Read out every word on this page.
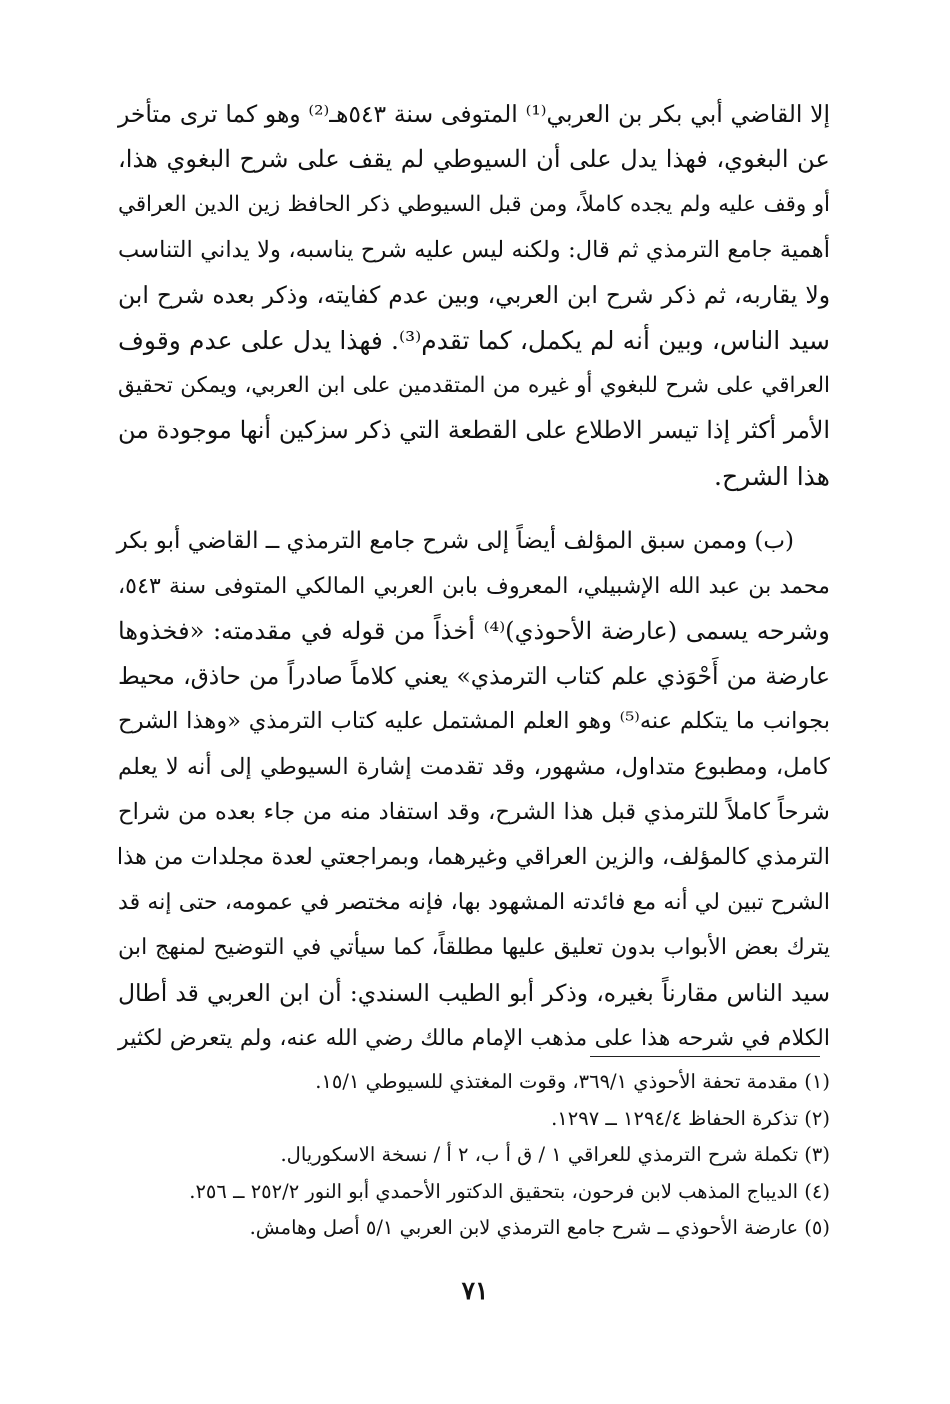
إلا القاضي أبي بكر بن العربي⁽¹⁾ المتوفى سنة ٥٤٣هـ⁽²⁾ وهو كما ترى متأخر
عن البغوي، فهذا يدل على أن السيوطي لم يقف على شرح البغوي هذا،
أو وقف عليه ولم يجده كاملاً، ومن قبل السيوطي ذكر الحافظ زين الدين العراقي
أهمية جامع الترمذي ثم قال: ولكنه ليس عليه شرح يناسبه، ولا يداني التناسب
ولا يقاربه، ثم ذكر شرح ابن العربي، وبين عدم كفايته، وذكر بعده شرح ابن
سيد الناس، وبين أنه لم يكمل، كما تقدم⁽³⁾. فهذا يدل على عدم وقوف
العراقي على شرح للبغوي أو غيره من المتقدمين على ابن العربي، ويمكن تحقيق
الأمر أكثر إذا تيسر الاطلاع على القطعة التي ذكر سزكين أنها موجودة من
هذا الشرح.
(ب) وممن سبق المؤلف أيضاً إلى شرح جامع الترمذي ــ القاضي أبو بكر
محمد بن عبد الله الإشبيلي، المعروف بابن العربي المالكي المتوفى سنة ٥٤٣،
وشرحه يسمى (عارضة الأحوذي)⁽⁴⁾ أخذاً من قوله في مقدمته: «فخذوها
عارضة من أَحْوَذي علم كتاب الترمذي» يعني كلاماً صادراً من حاذق، محيط
بجوانب ما يتكلم عنه⁽⁵⁾ وهو العلم المشتمل عليه كتاب الترمذي «وهذا الشرح
كامل، ومطبوع متداول، مشهور، وقد تقدمت إشارة السيوطي إلى أنه لا يعلم
شرحاً كاملاً للترمذي قبل هذا الشرح، وقد استفاد منه من جاء بعده من شراح
الترمذي كالمؤلف، والزين العراقي وغيرهما، وبمراجعتي لعدة مجلدات من هذا
الشرح تبين لي أنه مع فائدته المشهود بها، فإنه مختصر في عمومه، حتى إنه قد
يترك بعض الأبواب بدون تعليق عليها مطلقاً، كما سيأتي في التوضيح لمنهج ابن
سيد الناس مقارناً بغيره، وذكر أبو الطيب السندي: أن ابن العربي قد أطال
الكلام في شرحه هذا على مذهب الإمام مالك رضي الله عنه، ولم يتعرض لكثير
(١) مقدمة تحفة الأحوذي ٣٦٩/١، وقوت المغتذي للسيوطي ١٥/١.
(٢) تذكرة الحفاظ ١٢٩٤/٤ ــ ١٢٩٧.
(٣) تكملة شرح الترمذي للعراقي ١ / ق أ ب، ٢ أ / نسخة الاسكوريال.
(٤) الديباج المذهب لابن فرحون، بتحقيق الدكتور الأحمدي أبو النور ٢٥٢/٢ ــ ٢٥٦.
(٥) عارضة الأحوذي ــ شرح جامع الترمذي لابن العربي ٥/١ أصل وهامش.
٧١
